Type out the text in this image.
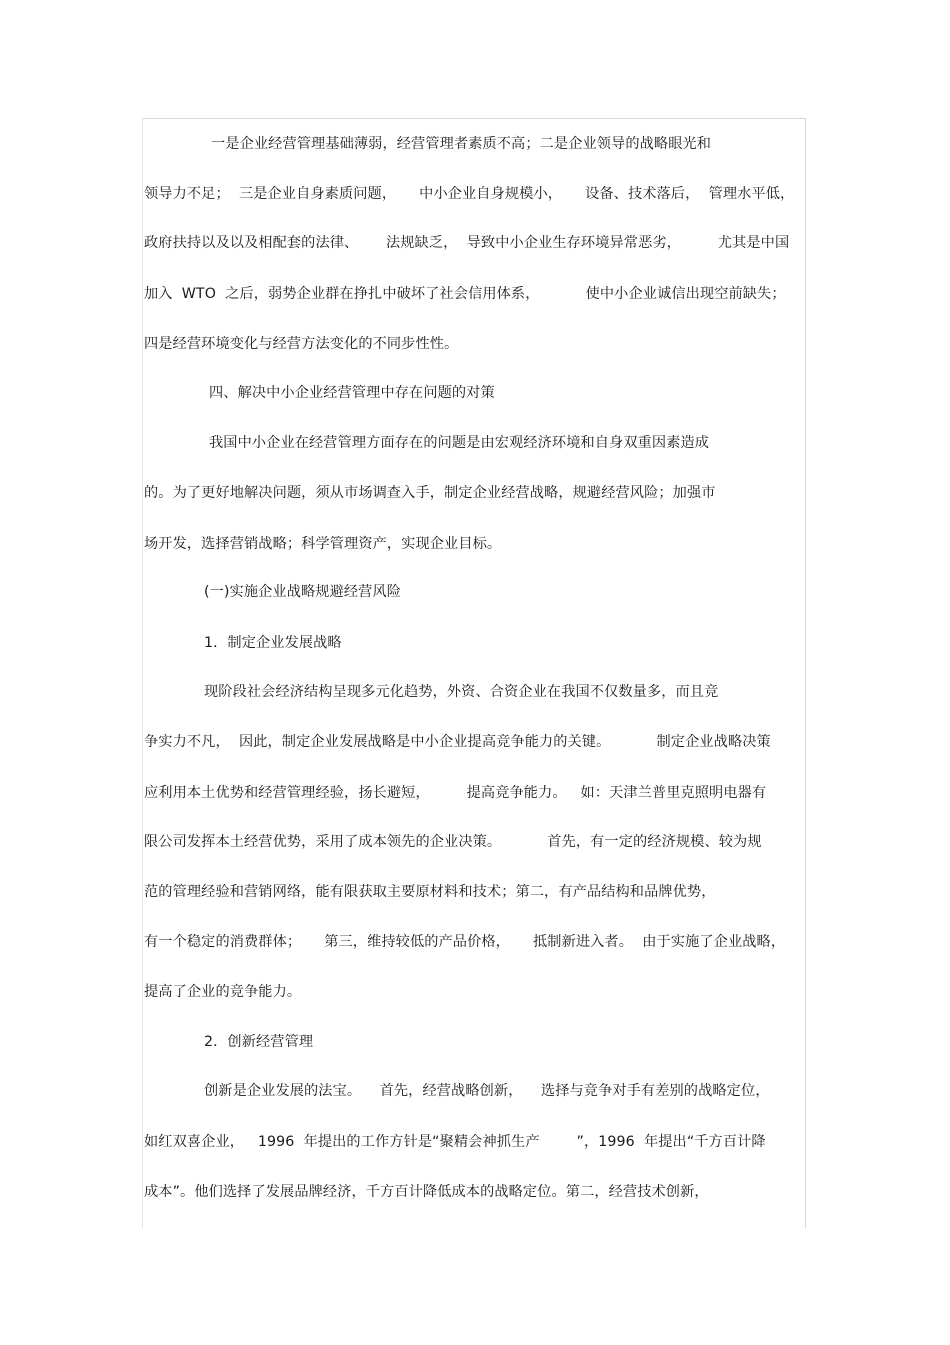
一是企业经营管理基础薄弱，经营管理者素质不高；二是企业领导的战略眼光和
领导力不足；  三是企业自身素质问题，     中小企业自身规模小，     设备、技术落后，  管理水平低，
政府扶持以及以及相配套的法律、      法规缺乏，  导致中小企业生存环境异常恶劣，        尤其是中国
加入  WTO  之后，弱势企业群在挣扎中破坏了社会信用体系，          使中小企业诚信出现空前缺失；
四是经营环境变化与经营方法变化的不同步性性。
四、解决中小企业经营管理中存在问题的对策
我国中小企业在经营管理方面存在的问题是由宏观经济环境和自身双重因素造成
的。为了更好地解决问题，须从市场调查入手，制定企业经营战略，规避经营风险；加强市
场开发，选择营销战略；科学管理资产，实现企业目标。
(一)实施企业战略规避经营风险
1．制定企业发展战略
现阶段社会经济结构呈现多元化趋势，外资、合资企业在我国不仅数量多，而且竞
争实力不凡，  因此，制定企业发展战略是中小企业提高竞争能力的关键。          制定企业战略决策
应利用本土优势和经营管理经验，扬长避短，        提高竞争能力。   如：天津兰普里克照明电器有
限公司发挥本土经营优势，采用了成本领先的企业决策。          首先，有一定的经济规模、较为规
范的管理经验和营销网络，能有限获取主要原材料和技术；第二，有产品结构和品牌优势，
有一个稳定的消费群体；     第三，维持较低的产品价格，     抵制新进入者。  由于实施了企业战略，
提高了企业的竞争能力。
2．创新经营管理
创新是企业发展的法宝。    首先，经营战略创新，    选择与竞争对手有差别的战略定位，
如红双喜企业，   1996  年提出的工作方针是“聚精会神抓生产        ”，1996  年提出“千方百计降
成本”。他们选择了发展品牌经济，千方百计降低成本的战略定位。第二，经营技术创新，
